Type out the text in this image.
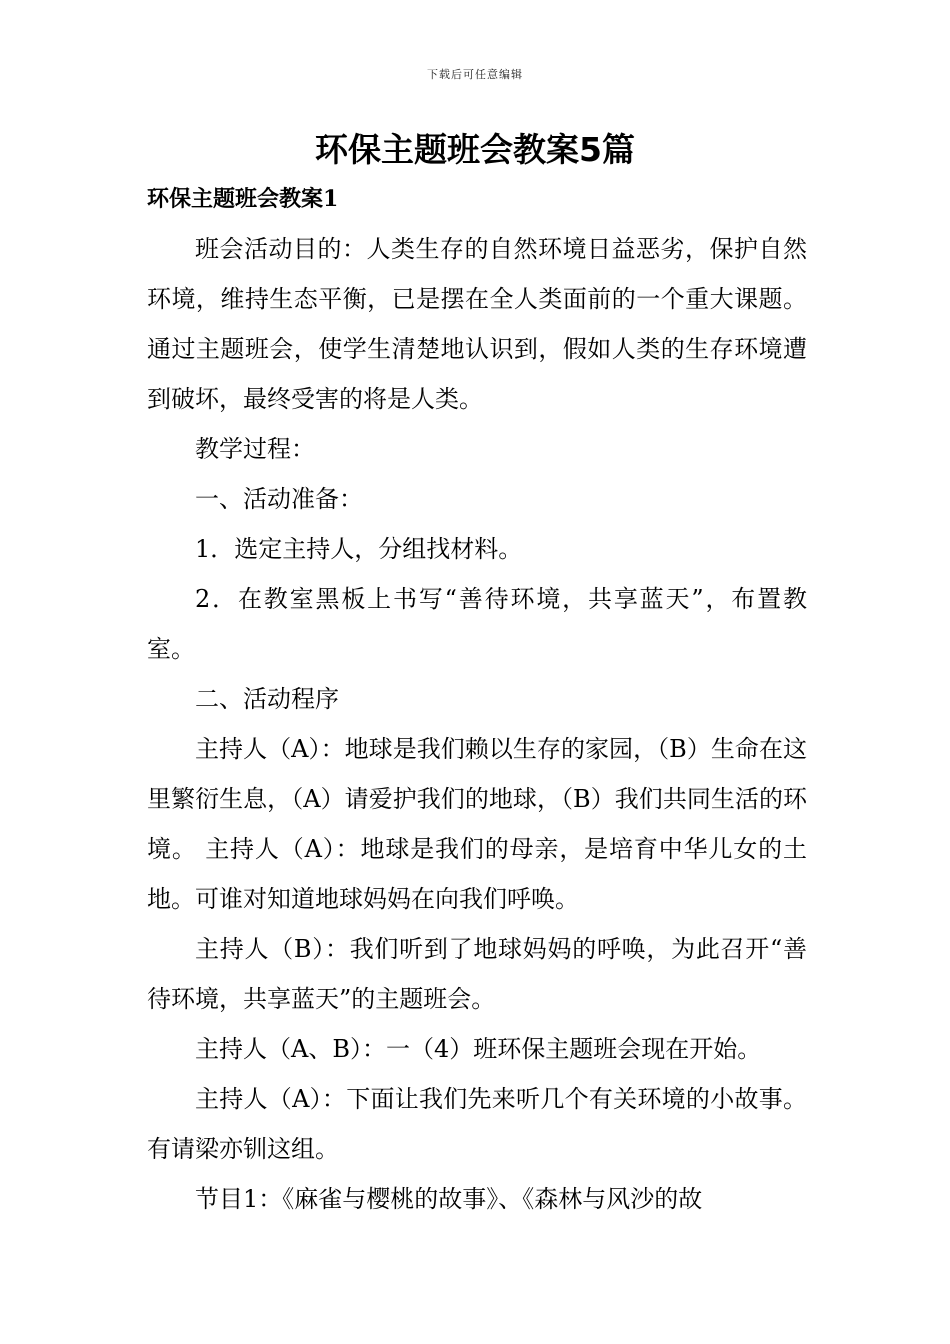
下载后可任意编辑
环保主题班会教案5篇
环保主题班会教案1

班会活动目的：人类生存的自然环境日益恶劣，保护自然环境，维持生态平衡，已是摆在全人类面前的一个重大课题。通过主题班会，使学生清楚地认识到，假如人类的生存环境遭到破坏，最终受害的将是人类。

教学过程：

一、活动准备：

1．选定主持人，分组找材料。

2．在教室黑板上书写“善待环境，共享蓝天”，布置教室。

二、活动程序

主持人（A）：地球是我们赖以生存的家园，（B）生命在这里繁衍生息，（A）请爱护我们的地球，（B）我们共同生活的环境。 主持人（A）：地球是我们的母亲，是培育中华儿女的土地。可谁对知道地球妈妈在向我们呼唤。

主持人（B）：我们听到了地球妈妈的呼唤，为此召开“善待环境，共享蓝天”的主题班会。

主持人（A、B）：一（4）班环保主题班会现在开始。

主持人（A）：下面让我们先来听几个有关环境的小故事。有请梁亦钏这组。

节目1：《麻雀与樱桃的故事》、《森林与风沙的故
